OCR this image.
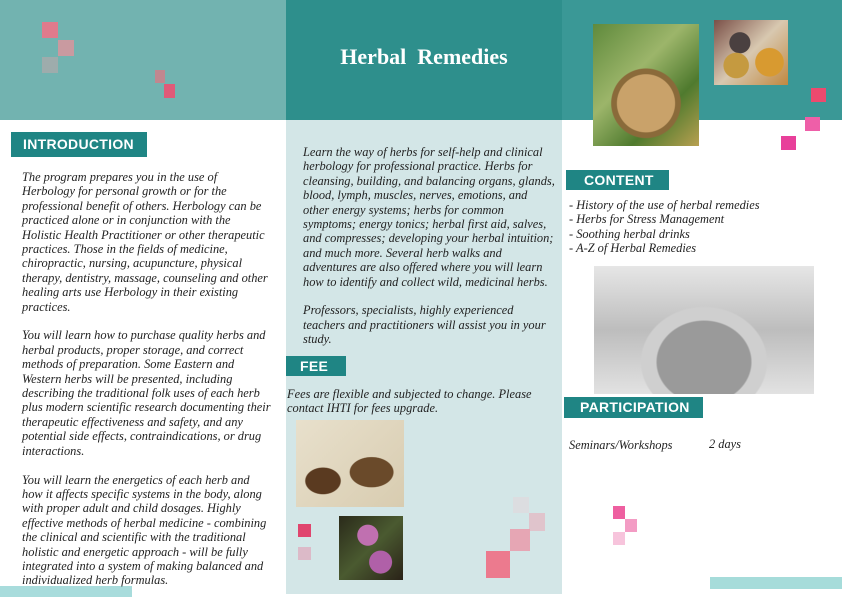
Herbal  Remedies
INTRODUCTION

The program prepares you in the use of Herbology for personal growth or for the professional benefit of others. Herbology can be practiced alone or in conjunction with the Holistic Health Practitioner or other therapeutic practices. Those in the fields of medicine, chiropractic, nursing, acupuncture, physical therapy, dentistry, massage, counseling and other healing arts use Herbology in their existing practices.

You will learn how to purchase quality herbs and herbal products, proper storage, and correct methods of preparation. Some Eastern and Western herbs will be presented, including describing the traditional folk uses of each herb plus modern scientific research documenting their therapeutic effectiveness and safety, and any potential side effects, contraindications, or drug interactions.

You will learn the energetics of each herb and how it affects specific systems in the body, along with proper adult and child dosages. Highly effective methods of herbal medicine - combining the clinical and scientific with the traditional holistic and energetic approach - will be fully integrated into a system of making balanced and individualized herb formulas.

Learn the way of herbs for self-help and clinical herbology for professional practice. Herbs for cleansing, building, and balancing organs, glands, blood, lymph, muscles, nerves, emotions, and other energy systems; herbs for common symptoms; energy tonics; herbal first aid, salves, and compresses; developing your herbal intuition; and much more. Several herb walks and adventures are also offered where you will learn how to identify and collect wild, medicinal herbs.

Professors, specialists, highly experienced teachers and practitioners will assist you in your study.

FEE
Fees are flexible and subjected to change. Please contact IHTI for fees upgrade.
CONTENT
- History of the use of herbal remedies
- Herbs for Stress Management
- Soothing herbal drinks
- A-Z of Herbal Remedies
PARTICIPATION
Seminars/Workshops	2 days
